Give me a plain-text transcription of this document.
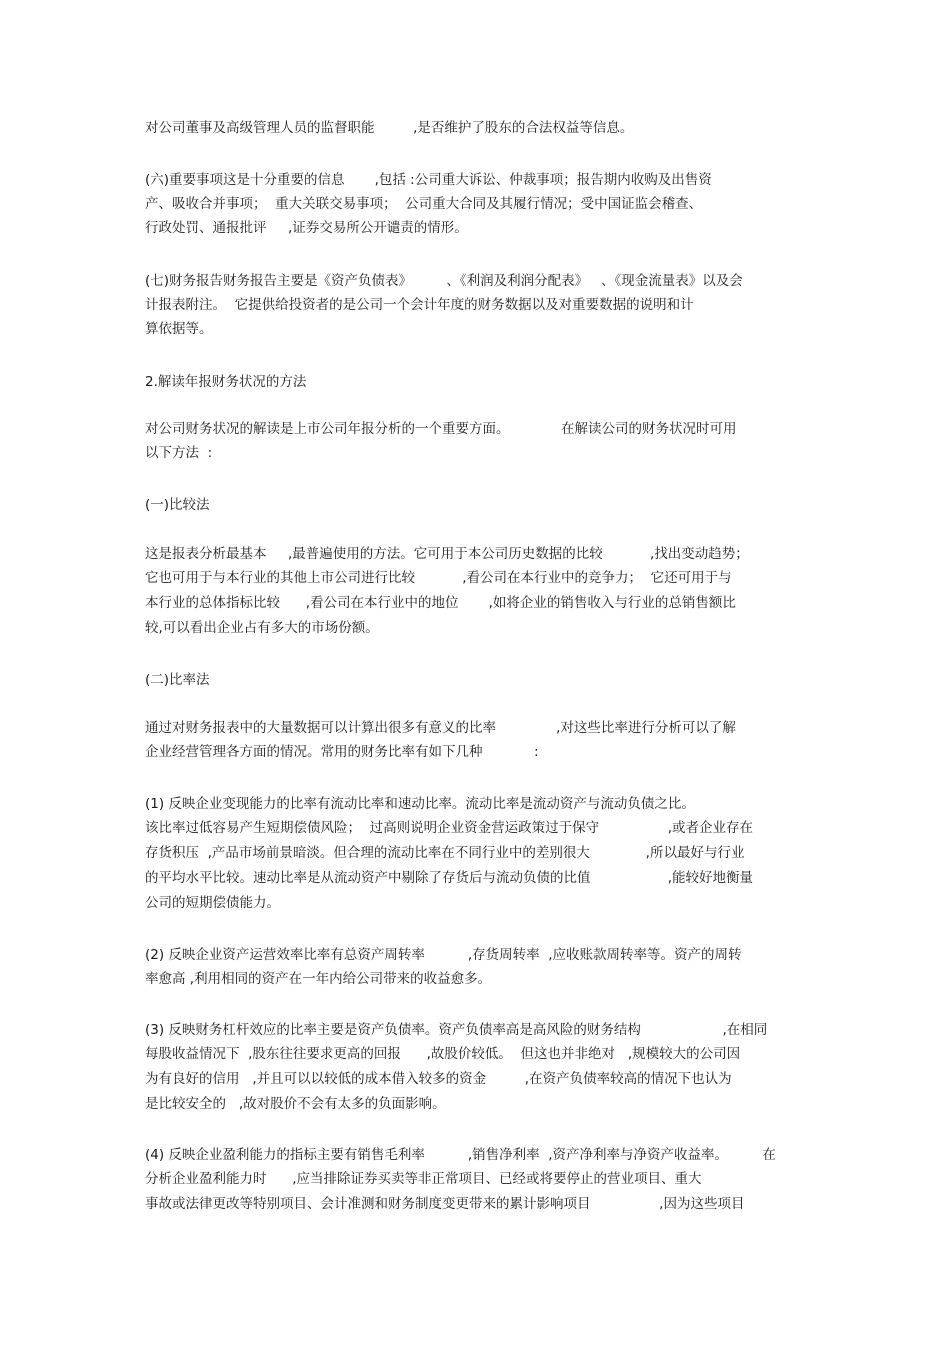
对公司董事及高级管理人员的监督职能         ,是否维护了股东的合法权益等信息。
(六)重要事项这是十分重要的信息       ,包括 :公司重大诉讼、仲裁事项；报告期内收购及出售资
产、吸收合并事项；  重大关联交易事项；  公司重大合同及其履行情况；受中国证监会稽查、
行政处罚、通报批评     ,证券交易所公开谴责的情形。
(七)财务报告财务报告主要是《资产负债表》        、《利润及利润分配表》   、《现金流量表》以及会
计报表附注。  它提供给投资者的是公司一个会计年度的财务数据以及对重要数据的说明和计
算依据等。
2.解读年报财务状况的方法
对公司财务状况的解读是上市公司年报分析的一个重要方面。            在解读公司的财务状况时可用
以下方法  :
(一)比较法
这是报表分析最基本     ,最普遍使用的方法。它可用于本公司历史数据的比较           ,找出变动趋势；
它也可用于与本行业的其他上市公司进行比较           ,看公司在本行业中的竞争力；  它还可用于与
本行业的总体指标比较      ,看公司在本行业中的地位       ,如将企业的销售收入与行业的总销售额比
较,可以看出企业占有多大的市场份额。
(二)比率法
通过对财务报表中的大量数据可以计算出很多有意义的比率              ,对这些比率进行分析可以了解
企业经营管理各方面的情况。常用的财务比率有如下几种            :
(1) 反映企业变现能力的比率有流动比率和速动比率。流动比率是流动资产与流动负债之比。
该比率过低容易产生短期偿债风险；  过高则说明企业资金营运政策过于保守                ,或者企业存在
存货积压  ,产品市场前景暗淡。但合理的流动比率在不同行业中的差别很大             ,所以最好与行业
的平均水平比较。速动比率是从流动资产中剔除了存货后与流动负债的比值                  ,能较好地衡量
公司的短期偿债能力。
(2) 反映企业资产运营效率比率有总资产周转率          ,存货周转率  ,应收账款周转率等。资产的周转
率愈高 ,利用相同的资产在一年内给公司带来的收益愈多。
(3) 反映财务杠杆效应的比率主要是资产负债率。资产负债率高是高风险的财务结构                   ,在相同
每股收益情况下  ,股东往往要求更高的回报      ,故股价较低。  但这也并非绝对   ,规模较大的公司因
为有良好的信用   ,并且可以以较低的成本借入较多的资金         ,在资产负债率较高的情况下也认为
是比较安全的   ,故对股价不会有太多的负面影响。
(4) 反映企业盈利能力的指标主要有销售毛利率          ,销售净利率  ,资产净利率与净资产收益率。        在
分析企业盈利能力时      ,应当排除证券买卖等非正常项目、已经或将要停止的营业项目、重大
事故或法律更改等特别项目、会计准测和财务制度变更带来的累计影响项目                ,因为这些项目
